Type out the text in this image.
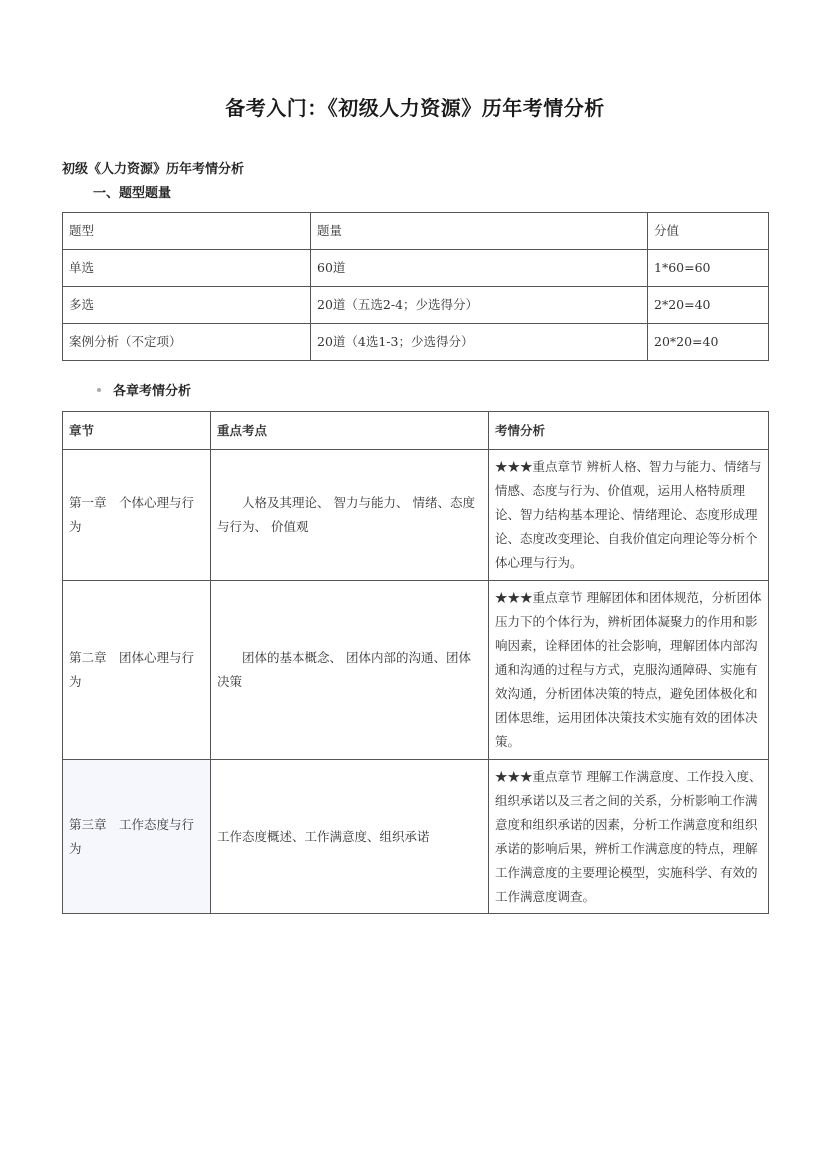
备考入门：《初级人力资源》历年考情分析
初级《人力资源》历年考情分析
一、题型题量
题型	题量	分值
单选	60道	1*60=60
多选	20道（五选2-4；少选得分）	2*20=40
案例分析（不定项）	20道（4选1-3；少选得分）	20*20=40
各章考情分析
章节	重点考点	考情分析
第一章　个体心理与行为	人格及其理论、 智力与能力、 情绪、态度与行为、 价值观	★★★重点章节 辨析人格、智力与能力、情绪与情感、态度与行为、价值观，运用人格特质理论、智力结构基本理论、情绪理论、态度形成理论、态度改变理论、自我价值定向理论等分析个体心理与行为。
第二章　团体心理与行为	团体的基本概念、 团体内部的沟通、团体决策	★★★重点章节 理解团体和团体规范，分析团体压力下的个体行为，辨析团体凝聚力的作用和影响因素，诠释团体的社会影响，理解团体内部沟通和沟通的过程与方式，克服沟通障碍、实施有效沟通，分析团体决策的特点，避免团体极化和团体思维，运用团体决策技术实施有效的团体决策。
第三章　工作态度与行为	工作态度概述、工作满意度、组织承诺	★★★重点章节 理解工作满意度、工作投入度、组织承诺以及三者之间的关系，分析影响工作满意度和组织承诺的因素，分析工作满意度和组织承诺的影响后果，辨析工作满意度的特点，理解工作满意度的主要理论模型，实施科学、有效的工作满意度调查。
